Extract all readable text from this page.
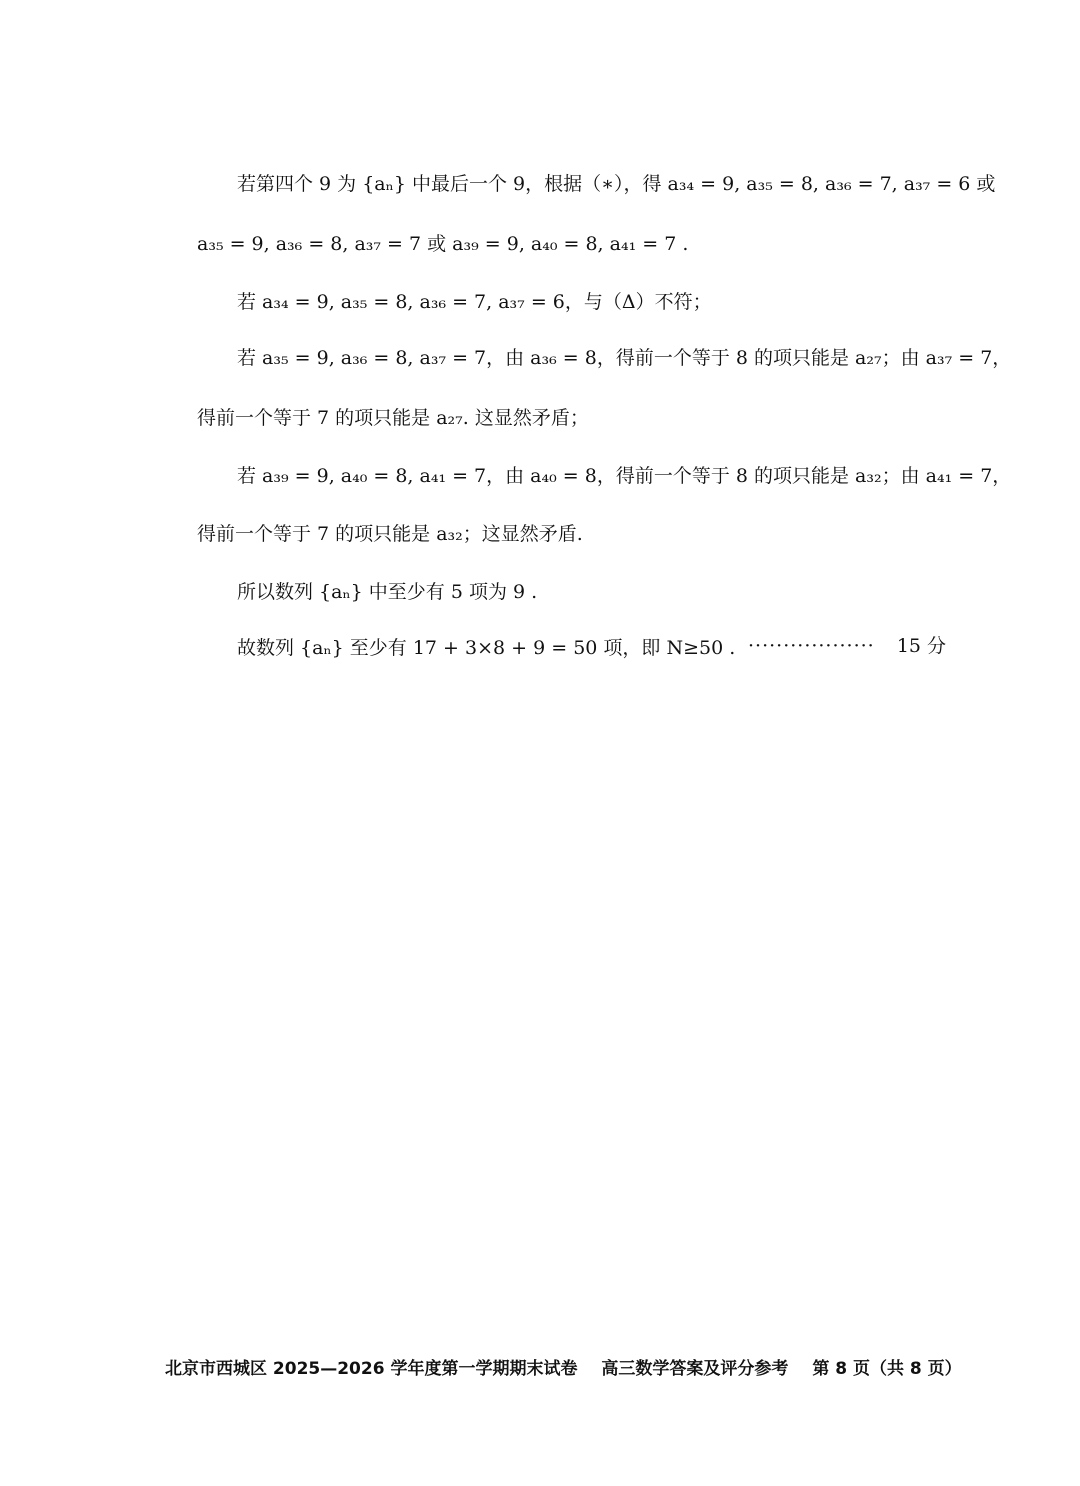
若第四个 9 为 {aₙ} 中最后一个 9，根据（∗），得 a₃₄ = 9, a₃₅ = 8, a₃₆ = 7, a₃₇ = 6 或
a₃₅ = 9, a₃₆ = 8, a₃₇ = 7 或 a₃₉ = 9, a₄₀ = 8, a₄₁ = 7 .
若 a₃₄ = 9, a₃₅ = 8, a₃₆ = 7, a₃₇ = 6，与（Δ）不符；
若 a₃₅ = 9, a₃₆ = 8, a₃₇ = 7，由 a₃₆ = 8，得前一个等于 8 的项只能是 a₂₇；由 a₃₇ = 7，
得前一个等于 7 的项只能是 a₂₇. 这显然矛盾；
若 a₃₉ = 9, a₄₀ = 8, a₄₁ = 7，由 a₄₀ = 8，得前一个等于 8 的项只能是 a₃₂；由 a₄₁ = 7，
得前一个等于 7 的项只能是 a₃₂；这显然矛盾.
所以数列 {aₙ} 中至少有 5 项为 9 .
故数列 {aₙ} 至少有 17 + 3×8 + 9 = 50 项，即 N≥50 . ·················· 15 分
北京市西城区 2025—2026 学年度第一学期期末试卷 高三数学答案及评分参考 第 8 页（共 8 页）
